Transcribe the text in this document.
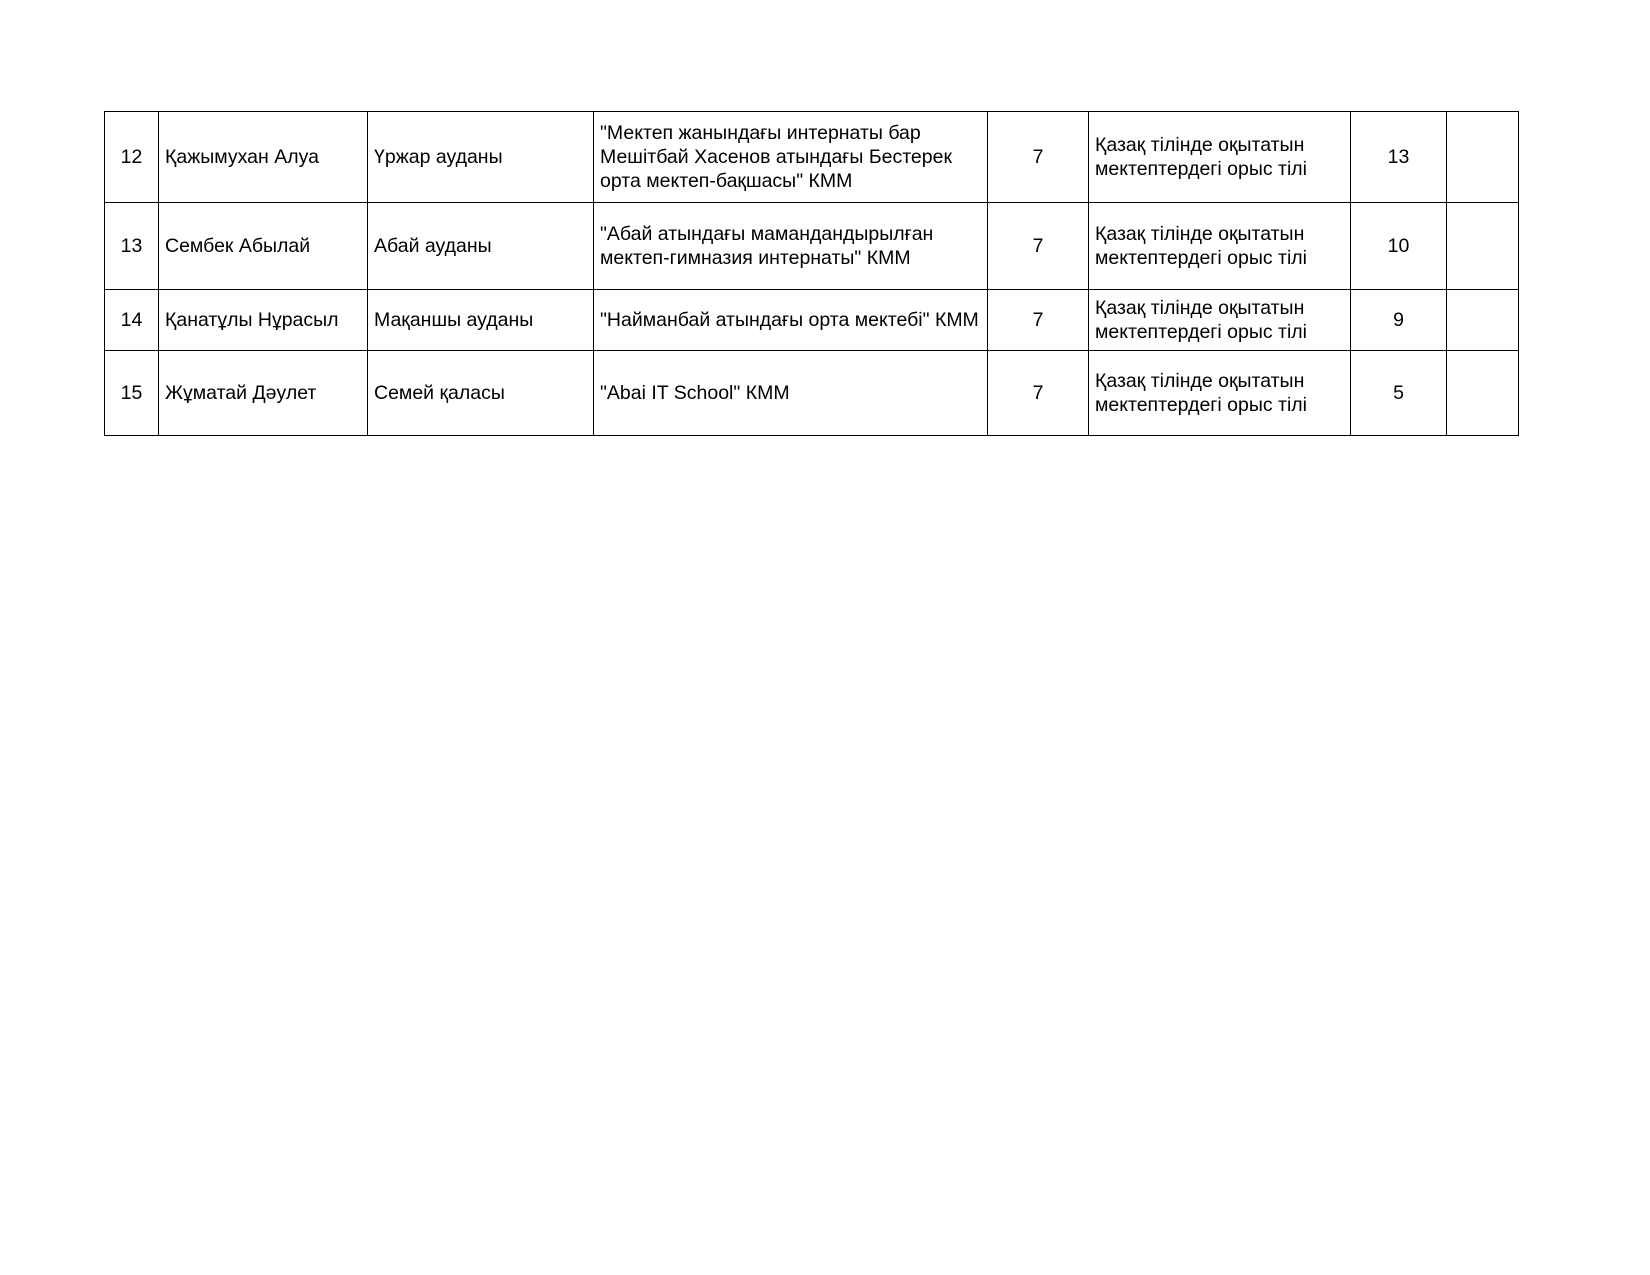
12	Қажымухан Алуа	Үржар ауданы	"Мектеп жанындағы интернаты бар Мешітбай Хасенов атындағы Бестерек орта мектеп-бақшасы" КММ	7	Қазақ тілінде оқытатын мектептердегі орыс тілі	13	
13	Сембек Абылай	Абай ауданы	"Абай атындағы мамандандырылған мектеп-гимназия интернаты" КММ	7	Қазақ тілінде оқытатын мектептердегі орыс тілі	10	
14	Қанатұлы Нұрасыл	Мақаншы ауданы	"Найманбай атындағы орта мектебі" КММ	7	Қазақ тілінде оқытатын мектептердегі орыс тілі	9	
15	Жұматай Дәулет	Семей қаласы	"Abai IT School" КММ	7	Қазақ тілінде оқытатын мектептердегі орыс тілі	5	
